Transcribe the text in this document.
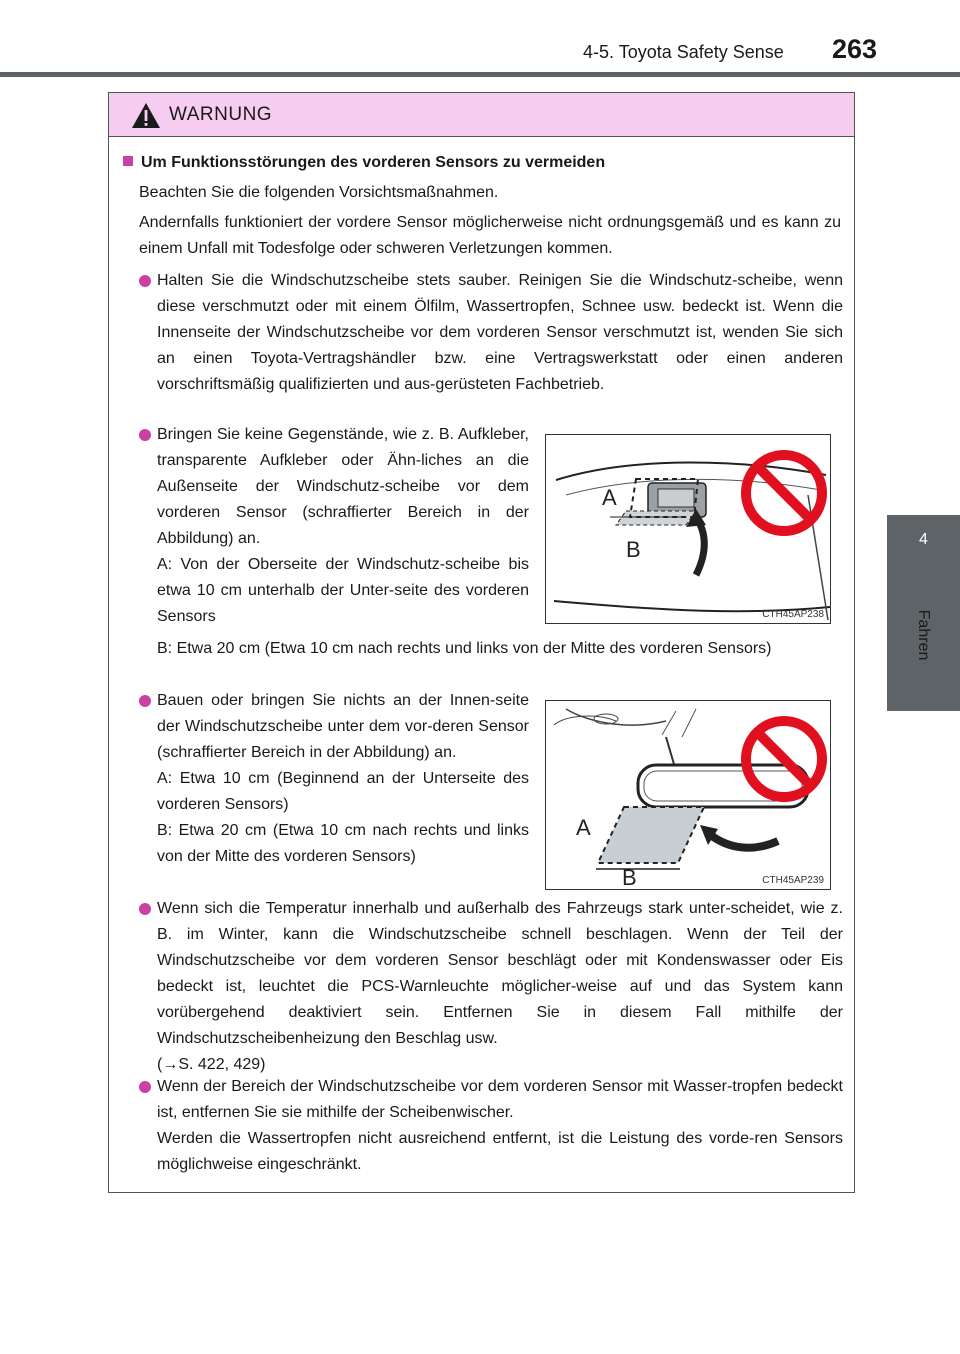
4-5. Toyota Safety Sense 263
4
Fahren
WARNUNG
Um Funktionsstörungen des vorderen Sensors zu vermeiden
Beachten Sie die folgenden Vorsichtsmaßnahmen.
Andernfalls funktioniert der vordere Sensor möglicherweise nicht ordnungsgemäß und es kann zu einem Unfall mit Todesfolge oder schweren Verletzungen kommen.
Halten Sie die Windschutzscheibe stets sauber. Reinigen Sie die Windschutz-scheibe, wenn diese verschmutzt oder mit einem Ölfilm, Wassertropfen, Schnee usw. bedeckt ist. Wenn die Innenseite der Windschutzscheibe vor dem vorderen Sensor verschmutzt ist, wenden Sie sich an einen Toyota-Vertragshändler bzw. eine Vertragswerkstatt oder einen anderen vorschriftsmäßig qualifizierten und aus-gerüsteten Fachbetrieb.

Bringen Sie keine Gegenstände, wie z. B. Aufkleber, transparente Aufkleber oder Ähn-liches an die Außenseite der Windschutz-scheibe vor dem vorderen Sensor (schraffierter Bereich in der Abbildung) an.

A: Von der Oberseite der Windschutz-scheibe bis etwa 10 cm unterhalb der Unter-seite des vorderen Sensors

A
B
CTH45AP238
B: Etwa 20 cm (Etwa 10 cm nach rechts und links von der Mitte des vorderen Sensors)

Bauen oder bringen Sie nichts an der Innen-seite der Windschutzscheibe unter dem vor-deren Sensor (schraffierter Bereich in der Abbildung) an.

A: Etwa 10 cm (Beginnend an der Unterseite des vorderen Sensors)

B: Etwa 20 cm (Etwa 10 cm nach rechts und links von der Mitte des vorderen Sensors)

A
B	CTH45AP239

Wenn sich die Temperatur innerhalb und außerhalb des Fahrzeugs stark unter-scheidet, wie z. B. im Winter, kann die Windschutzscheibe schnell beschlagen. Wenn der Teil der Windschutzscheibe vor dem vorderen Sensor beschlägt oder mit Kondenswasser oder Eis bedeckt ist, leuchtet die PCS-Warnleuchte möglicher-weise auf und das System kann vorübergehend deaktiviert sein. Entfernen Sie in diesem Fall mithilfe der Windschutzscheibenheizung den Beschlag usw.

(→S. 422, 429)

Wenn der Bereich der Windschutzscheibe vor dem vorderen Sensor mit Wasser-tropfen bedeckt ist, entfernen Sie sie mithilfe der Scheibenwischer.

Werden die Wassertropfen nicht ausreichend entfernt, ist die Leistung des vorde-ren Sensors möglichweise eingeschränkt.
